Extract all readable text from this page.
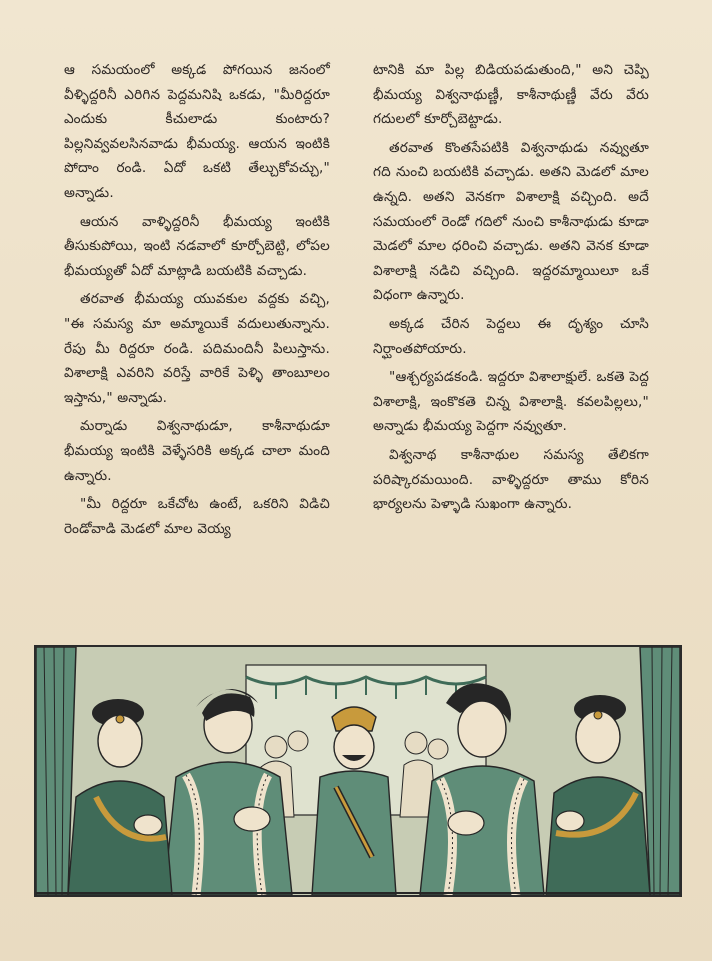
ఆ సమయంలో అక్కడ పోగయిన జనంలో వీళ్ళిద్దరినీ ఎరిగిన పెద్దమనిషి ఒకడు, "మీరిద్దరూ ఎందుకు కీచులాడు కుంటారు? పిల్లనివ్వవలసినవాడు భీమయ్య. ఆయన ఇంటికి పోదాం రండి. ఏదో ఒకటి తేల్చుకోవచ్చు," అన్నాడు.

ఆయన వాళ్ళిద్దరినీ భీమయ్య ఇంటికి తీసుకుపోయి, ఇంటి నడవాలో కూర్చోబెట్టి, లోపల భీమయ్యతో ఏదో మాట్లాడి బయటికి వచ్చాడు.

తరవాత భీమయ్య యువకుల వద్దకు వచ్చి, "ఈ సమస్య మా అమ్మాయికే వదులుతున్నాను. రేపు మీ రిద్దరూ రండి. పదిమందినీ పిలుస్తాను. విశాలాక్షి ఎవరిని వరిస్తే వారికే పెళ్ళి తాంబూలం ఇస్తాను," అన్నాడు.

మర్నాడు విశ్వనాథుడూ, కాశీనాథుడూ భీమయ్య ఇంటికి వెళ్ళేసరికి అక్కడ చాలా మంది ఉన్నారు.

"మీ రిద్దరూ ఒకేచోట ఉంటే, ఒకరిని విడిచి రెండోవాడి మెడలో మాల వెయ్య

టానికి మా పిల్ల బిడియపడుతుంది," అని చెప్పి భీమయ్య విశ్వనాథుణ్ణీ, కాశీనాథుణ్ణీ వేరు వేరు గదులలో కూర్చోబెట్టాడు.

తరవాత కొంతసేపటికి విశ్వనాథుడు నవ్వుతూ గది నుంచి బయటికి వచ్చాడు. అతని మెడలో మాల ఉన్నది. అతని వెనకగా విశాలాక్షి వచ్చింది. అదే సమయంలో రెండో గదిలో నుంచి కాశీనాథుడు కూడా మెడలో మాల ధరించి వచ్చాడు. అతని వెనక కూడా విశాలాక్షి నడిచి వచ్చింది. ఇద్దరమ్మాయిలూ ఒకే విధంగా ఉన్నారు.

అక్కడ చేరిన పెద్దలు ఈ దృశ్యం చూసి నిర్ఘాంతపోయారు.

"ఆశ్చర్యపడకండి. ఇద్దరూ విశాలాక్షులే. ఒకతె పెద్ద విశాలాక్షి, ఇంకొకతె చిన్న విశాలాక్షి. కవలపిల్లలు," అన్నాడు భీమయ్య పెద్దగా నవ్వుతూ.

విశ్వనాథ కాశీనాథుల సమస్య తేలికగా పరిష్కారమయింది. వాళ్ళిద్దరూ తాము కోరిన భార్యలను పెళ్ళాడి సుఖంగా ఉన్నారు.
